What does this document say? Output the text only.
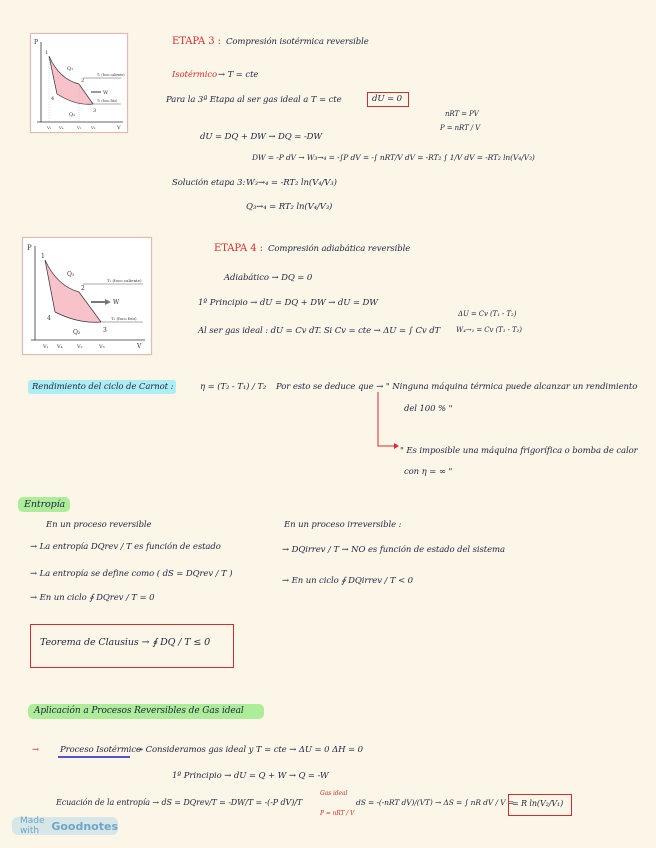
P
1
2
3
4
Q₁
Q₂
W
T₁ (foco caliente)
T₂ (foco frío)
V₁ V₄	V₂ V₃	V
ETAPA 3 : Compresión isotérmica reversible
Isotérmico → T = cte
Para la 3ª Etapa al ser gas ideal a T = cte	dU = 0
nRT = PV
P = nRT / V
dU = DQ + DW → DQ = -DW
DW = -P dV → W₃→₄ = -∫P dV = -∫ nRT/V dV = -RT₂ ∫ 1/V dV = -RT₂ ln(V₄/V₃)
Solución etapa 3: W₃→₄ = -RT₂ ln(V₄/V₃)
Q₃→₄ = RT₂ ln(V₄/V₃)
P
1
2
3
4
Q₁
Q₂
W
T₁ (foco caliente)
T₂ (foco frío)
V₁ V₄	V₂	V₃	V
ETAPA 4 : Compresión adiabática reversible
Adiabático → DQ = 0
1º Principio → dU = DQ + DW → dU = DW
ΔU = Cv (T₁ - T₂)
Al ser gas ideal : dU = Cv dT. Si Cv = cte → ΔU = ∫ Cv dT W₄→₁ = Cv (T₁ - T₂)
Rendimiento del ciclo de Carnot :	η = (T₂ - T₁) / T₂ Por esto se deduce que → " Ninguna máquina térmica puede alcanzar un rendimiento
del 100 % "
" Es imposible una máquina frigorífica o bomba de calor
con η = ∞ "
Entropía
En un proceso reversible
→ La entropía DQrev / T es función de estado
→ La entropía se define como ( dS = DQrev / T )
→ En un ciclo ∮ DQrev / T = 0
En un proceso irreversible :
→ DQirrev / T → NO es función de estado del sistema
→ En un ciclo ∮ DQirrev / T < 0
Teorema de Clausius → ∮ DQ / T ≤ 0
Aplicación a Procesos Reversibles de Gas ideal
→ Proceso Isotérmico
→ Consideramos gas ideal y T = cte → ΔU = 0 ΔH = 0
1º Principio → dU = Q + W → Q = -W
Ecuación de la entropía → dS = DQrev/T = -DW/T = -(-P dV)/T
Gas ideal
P = nRT / V
dS = -(-nRT dV)/(VT) → ΔS = ∫ nR dV / V =
= R ln(V₂/V₁)
Made with	Goodnotes
